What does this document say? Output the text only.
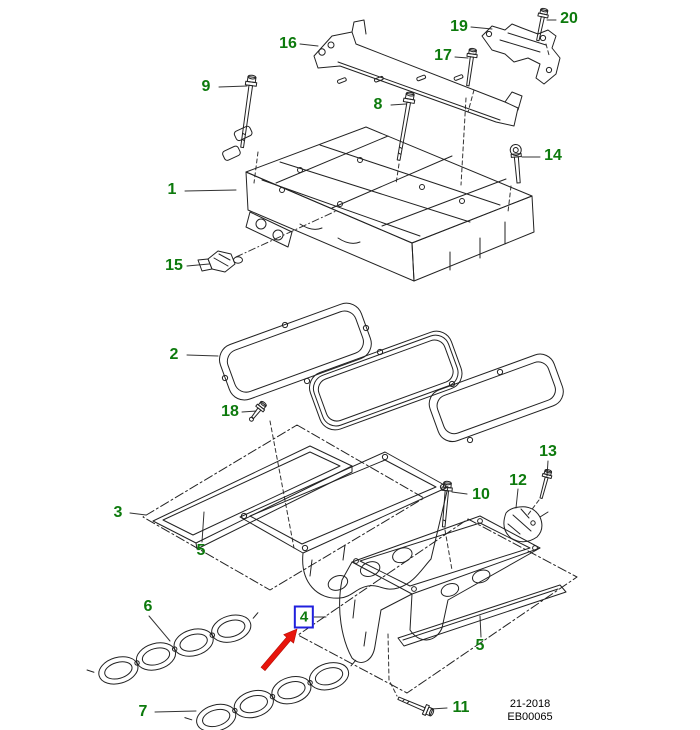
1
2
3
4
5
5
6
7
8
9
10
11
12
13
14
15
16
17
18
19	20
21-2018
EB00065
